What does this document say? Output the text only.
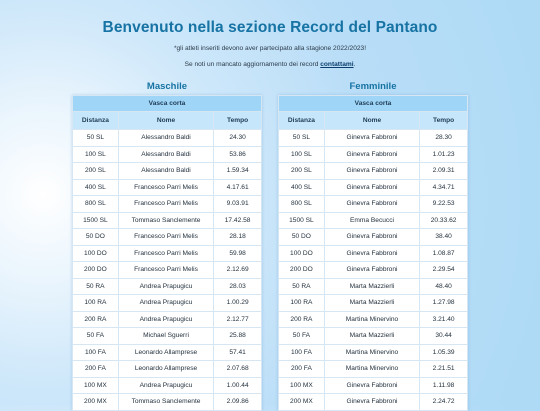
Benvenuto nella sezione Record del Pantano
*gli atleti inseriti devono aver partecipato alla stagione 2022/2023!
Se noti un mancato aggiornamento dei record contattami.
Maschile	Femminile
Vasca corta		
Distanza	Nome	Tempo
50 SL	Alessandro Baldi	24.30
100 SL	Alessandro Baldi	53.86
200 SL	Alessandro Baldi	1.59.34
400 SL	Francesco Parri Melis	4.17.61
800 SL	Francesco Parri Melis	9.03.91
1500 SL	Tommaso Sanclemente	17.42.58
50 DO	Francesco Parri Melis	28.18
100 DO	Francesco Parri Melis	59.98
200 DO	Francesco Parri Melis	2.12.69
50 RA	Andrea Prapugicu	28.03
100 RA	Andrea Prapugicu	1.00.29
200 RA	Andrea Prapugicu	2.12.77
50 FA	Michael Sguerri	25.88
100 FA	Leonardo Allamprese	57.41
200 FA	Leonardo Allamprese	2.07.68
100 MX	Andrea Prapugicu	1.00.44
200 MX	Tommaso Sanclemente	2.09.86
Vasca corta		
Distanza	Nome	Tempo
50 SL	Ginevra Fabbroni	28.30
100 SL	Ginevra Fabbroni	1.01.23
200 SL	Ginevra Fabbroni	2.09.31
400 SL	Ginevra Fabbroni	4.34.71
800 SL	Ginevra Fabbroni	9.22.53
1500 SL	Emma Becucci	20.33.62
50 DO	Ginevra Fabbroni	38.40
100 DO	Ginevra Fabbroni	1.08.87
200 DO	Ginevra Fabbroni	2.29.54
50 RA	Marta Mazzierli	48.40
100 RA	Marta Mazzierli	1.27.98
200 RA	Martina Minervino	3.21.40
50 FA	Marta Mazzierli	30.44
100 FA	Martina Minervino	1.05.39
200 FA	Martina Minervino	2.21.51
100 MX	Ginevra Fabbroni	1.11.98
200 MX	Ginevra Fabbroni	2.24.72
